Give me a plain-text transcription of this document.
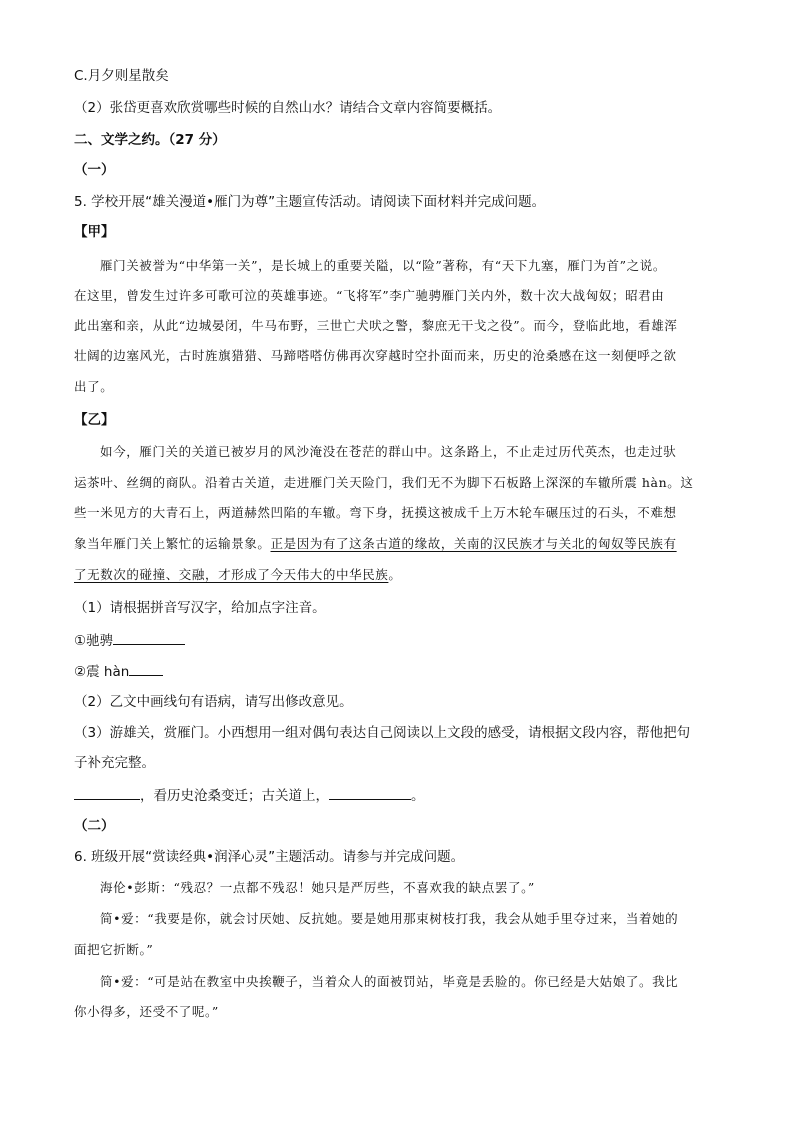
C.月夕则星散矣
（2）张岱更喜欢欣赏哪些时候的自然山水？请结合文章内容简要概括。
二、文学之约。（27 分）
（一）
5. 学校开展“雄关漫道•雁门为尊”主题宣传活动。请阅读下面材料并完成问题。
【甲】
雁门关被誉为“中华第一关”，是长城上的重要关隘，以“险”著称，有“天下九塞，雁门为首”之说。
在这里，曾发生过许多可歌可泣的英雄事迹。“飞将军”李广驰骋雁门关内外，数十次大战匈奴；昭君由
此出塞和亲，从此“边城晏闭，牛马布野，三世亡犬吠之警，黎庶无干戈之役”。而今，登临此地，看雄浑
壮阔的边塞风光，古时旌旗猎猎、马蹄嗒嗒仿佛再次穿越时空扑面而来，历史的沧桑感在这一刻便呼之欲
出了。
【乙】
如今，雁门关的关道已被岁月的风沙淹没在苍茫的群山中。这条路上，不止走过历代英杰，也走过驮
运茶叶、丝绸的商队。沿着古关道，走进雁门关天险门，我们无不为脚下石板路上深深的车辙所震 hàn。这
些一米见方的大青石上，两道赫然凹陷的车辙。弯下身，抚摸这被成千上万木轮车碾压过的石头，不难想
象当年雁门关上繁忙的运输景象。正是因为有了这条古道的缘故，关南的汉民族才与关北的匈奴等民族有
了无数次的碰撞、交融，才形成了今天伟大的中华民族。
（1）请根据拼音写汉字，给加点字注音。
①驰骋
②震 hàn
（2）乙文中画线句有语病，请写出修改意见。
（3）游雄关，赏雁门。小西想用一组对偶句表达自己阅读以上文段的感受，请根据文段内容，帮他把句
子补充完整。
，看历史沧桑变迁；古关道上，	。
（二）
6. 班级开展“赏读经典•润泽心灵”主题活动。请参与并完成问题。
海伦•彭斯：“残忍？一点都不残忍！她只是严厉些，不喜欢我的缺点罢了。”
简•爱：“我要是你，就会讨厌她、反抗她。要是她用那束树枝打我，我会从她手里夺过来，当着她的
面把它折断。”
简•爱：“可是站在教室中央挨鞭子，当着众人的面被罚站，毕竟是丢脸的。你已经是大姑娘了。我比
你小得多，还受不了呢。”
